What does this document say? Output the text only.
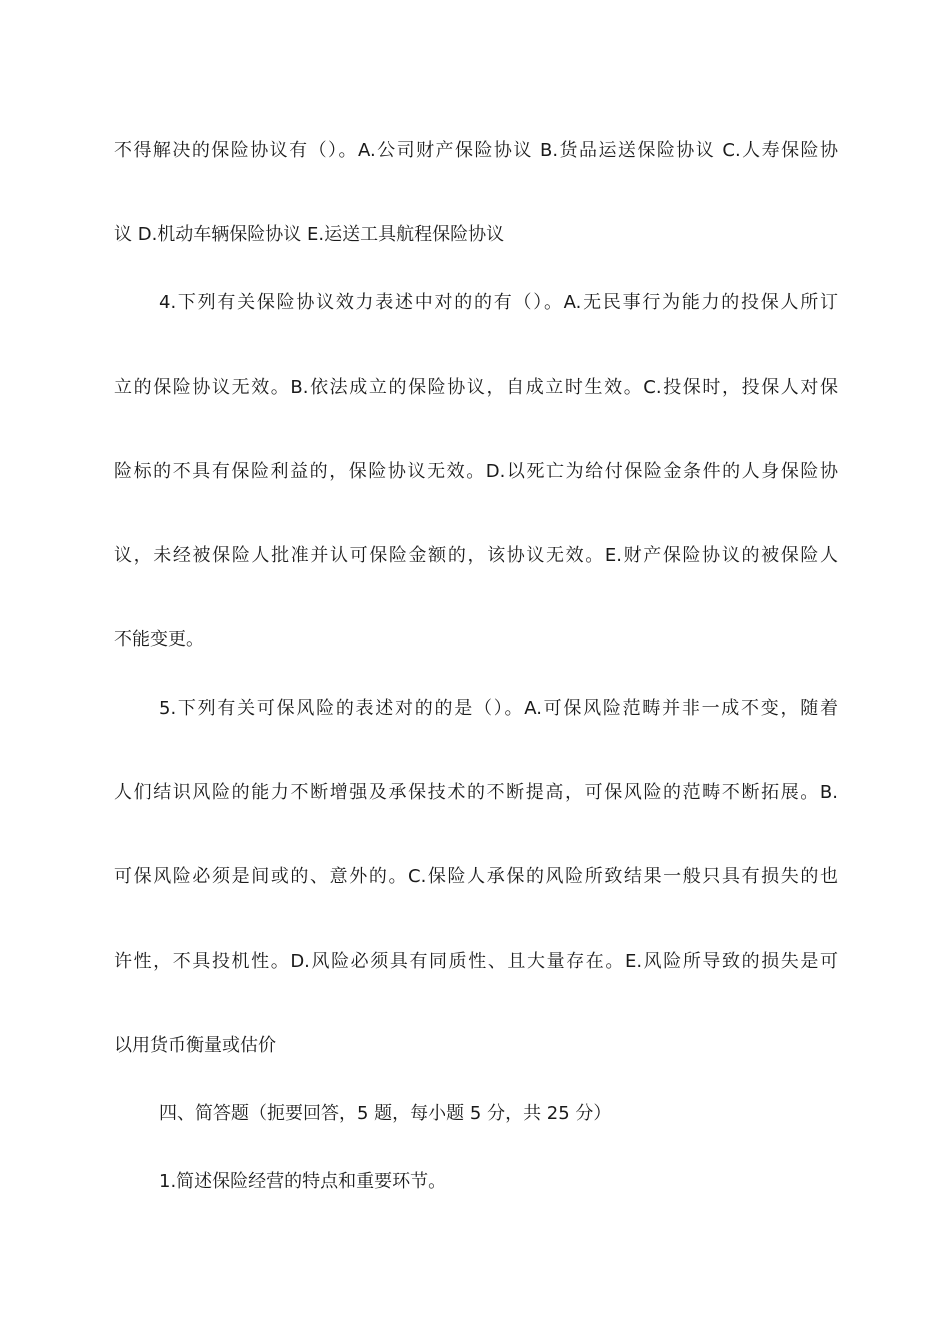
不得解决的保险协议有（）。A.公司财产保险协议 B.货品运送保险协议 C.人寿保险协
议 D.机动车辆保险协议 E.运送工具航程保险协议
4.下列有关保险协议效力表述中对的的有（）。A.无民事行为能力的投保人所订
立的保险协议无效。B.依法成立的保险协议，自成立时生效。C.投保时，投保人对保
险标的不具有保险利益的，保险协议无效。D.以死亡为给付保险金条件的人身保险协
议，未经被保险人批准并认可保险金额的，该协议无效。E.财产保险协议的被保险人
不能变更。
5.下列有关可保风险的表述对的的是（）。A.可保风险范畴并非一成不变，随着
人们结识风险的能力不断增强及承保技术的不断提高，可保风险的范畴不断拓展。B.
可保风险必须是间或的、意外的。C.保险人承保的风险所致结果一般只具有损失的也
许性，不具投机性。D.风险必须具有同质性、且大量存在。E.风险所导致的损失是可
以用货币衡量或估价
四、简答题（扼要回答，5 题，每小题 5 分，共 25 分）
1.简述保险经营的特点和重要环节。
